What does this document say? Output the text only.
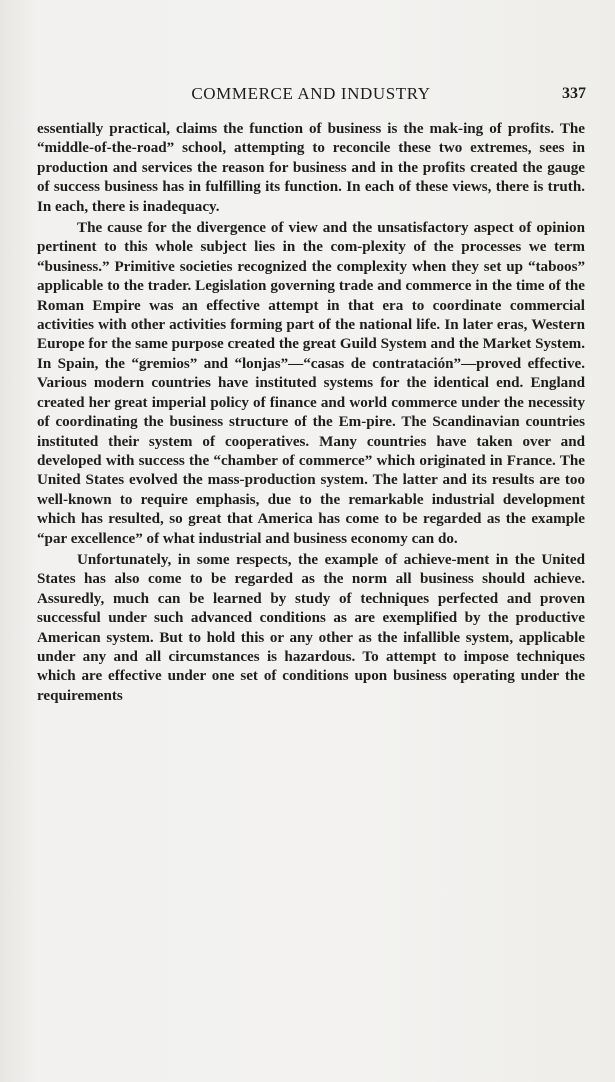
COMMERCE AND INDUSTRY	337

essentially practical, claims the function of business is the mak-ing of profits. The “middle-of-the-road” school, attempting to reconcile these two extremes, sees in production and services the reason for business and in the profits created the gauge of success business has in fulfilling its function. In each of these views, there is truth. In each, there is inadequacy.

The cause for the divergence of view and the unsatisfactory aspect of opinion pertinent to this whole subject lies in the com-plexity of the processes we term “business.” Primitive societies recognized the complexity when they set up “taboos” applicable to the trader. Legislation governing trade and commerce in the time of the Roman Empire was an effective attempt in that era to coordinate commercial activities with other activities forming part of the national life. In later eras, Western Europe for the same purpose created the great Guild System and the Market System. In Spain, the “gremios” and “lonjas”—“casas de contratación”—proved effective. Various modern countries have instituted systems for the identical end. England created her great imperial policy of finance and world commerce under the necessity of coordinating the business structure of the Em-pire. The Scandinavian countries instituted their system of cooperatives. Many countries have taken over and developed with success the “chamber of commerce” which originated in France. The United States evolved the mass-production system. The latter and its results are too well-known to require emphasis, due to the remarkable industrial development which has resulted, so great that America has come to be regarded as the example “par excellence” of what industrial and business economy can do.

Unfortunately, in some respects, the example of achieve-ment in the United States has also come to be regarded as the norm all business should achieve. Assuredly, much can be learned by study of techniques perfected and proven successful under such advanced conditions as are exemplified by the productive American system. But to hold this or any other as the infallible system, applicable under any and all circumstances is hazardous. To attempt to impose techniques which are effective under one set of conditions upon business operating under the requirements
